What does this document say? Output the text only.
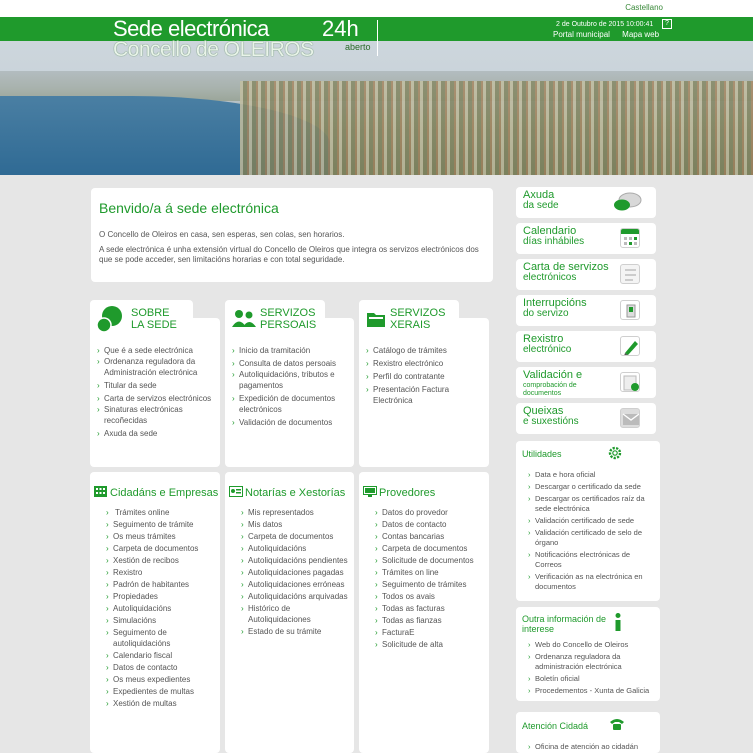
Castellano
Sede electrónica
Concello de OLEIROS
24h
aberto
2 de Outubro de 2015 10:00:41	?
Portal municipal Mapa web
Benvido/a á sede electrónica

O Concello de Oleiros en casa, sen esperas, sen colas, sen horarios.

A sede electrónica é unha extensión virtual do Concello de Oleiros que integra os servizos electrónicos dos que se pode acceder, sen limitacións horarias e con total seguridade.

SOBRE
LA SEDE
› Que é a sede electrónica
› Ordenanza reguladora da Administración electrónica
› Titular da sede
› Carta de servizos electrónicos
› Sinaturas electrónicas recoñecidas
› Axuda da sede
SERVIZOS
PERSOAIS
› Inicio da tramitación
› Consulta de datos persoais
› Autoliquidacións, tributos e pagamentos
› Expedición de documentos electrónicos
› Validación de documentos
SERVIZOS
XERAIS
› Catálogo de trámites
› Rexistro electrónico
› Perfil do contratante
› Presentación Factura Electrónica
Cidadáns e Empresas
› Trámites online
› Seguimento de trámite
› Os meus trámites
› Carpeta de documentos
› Xestión de recibos
› Rexistro
› Padrón de habitantes
› Propiedades
› Autoliquidacións
› Simulacións
› Seguimento de autoliquidacións
› Calendario fiscal
› Datos de contacto
› Os meus expedientes
› Expedientes de multas
› Xestión de multas
Notarías e Xestorías
› Mis representados
› Mis datos
› Carpeta de documentos
› Autoliquidacións
› Autoliquidacións pendientes
› Autoliquidaciones pagadas
› Autoliquidaciones erróneas
› Autoliquidacións arquivadas
› Histórico de Autoliquidaciones
› Estado de su trámite
Provedores
› Datos do provedor
› Datos de contacto
› Contas bancarias
› Carpeta de documentos
› Solicitude de documentos
› Trámites on line
› Seguimento de trámites
› Todos os avais
› Todas as facturas
› Todas as fianzas
› FacturaE
› Solicitude de alta
Axuda
da sede
Calendario
días inhábiles
Carta de servizos
electrónicos
Interrupcións
do servizo
Rexistro
electrónico
Validación e
comprobación de documentos
Queixas
e suxestións
Utilidades
› Data e hora oficial
› Descargar o certificado da sede
› Descargar os certificados raíz da sede electrónica
› Validación certificado de sede
› Validación certificado de selo de órgano
› Notificacións electrónicas de Correos
› Verificación as na electrónica en documentos
Outra información de interese
› Web do Concello de Oleiros
› Ordenanza reguladora da administración electrónica
› Boletín oficial
› Procedementos - Xunta de Galicia
Atención Cidadá
› Oficina de atención ao cidadán
